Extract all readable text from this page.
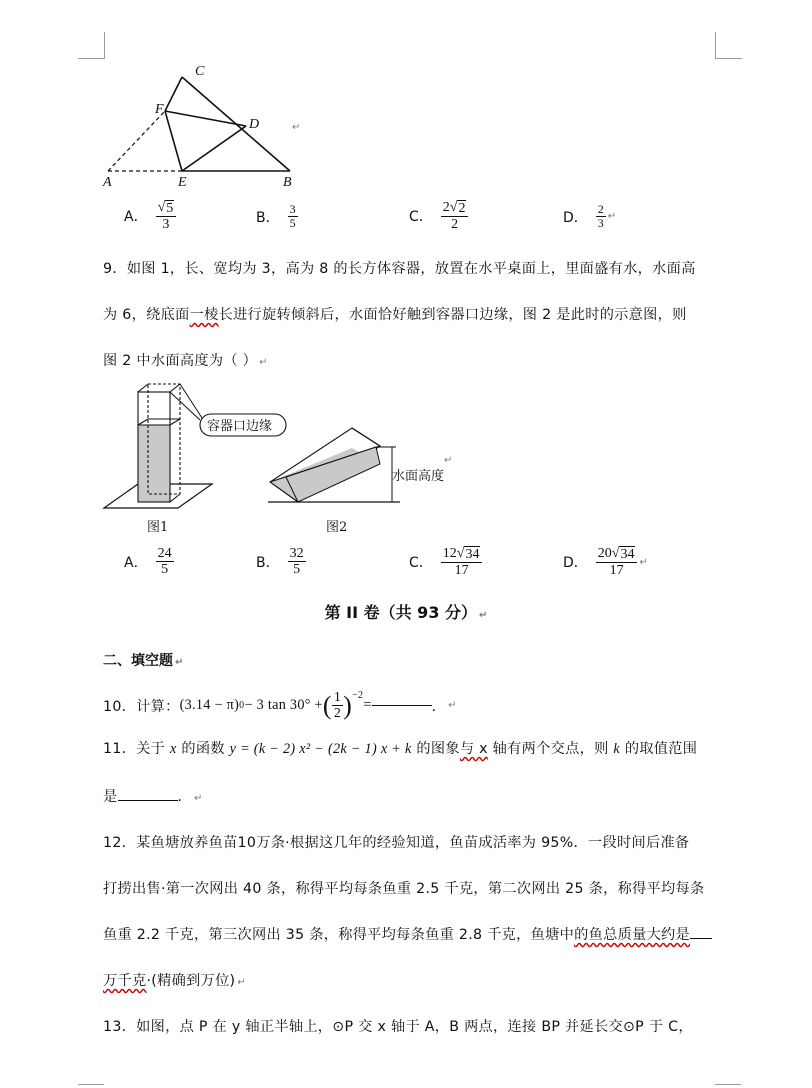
C
F
D
A	E	B
↵
A． $\frac{√ 5}{3}$	B． $\frac{3}{5}$	C． $\frac{2√ 2}{2}$	D． $\frac{2}{3}$ ↵
9．如图 1，长、宽均为 3，高为 8 的长方体容器，放置在水平桌面上，里面盛有水，水面高
为 6，绕底面一棱长进行旋转倾斜后，水面恰好触到容器口边缘，图 2 是此时的示意图，则
图 2 中水面高度为（ ） ↵
容器口边缘
水面高度
↵
图1	图2
A． $\frac{24}{5}$	B． $\frac{32}{5}$	C． $\frac{12√ 34}{17}$	D． $\frac{20√ 34}{17}$ ↵
第 II 卷（共 93 分） ↵
二、填空题 ↵
10．计算： (3.14 − π) 0 − 3 tan 30° + ( $\frac{1}{2} )^{-2}$
=	． ↵
11．关于 x 的函数 y = (k − 2) x² − (2k − 1) x + k 的图象与 x 轴有两个交点，则 k 的取值范围
是	． ↵
12．某鱼塘放养鱼苗10万条·根据这几年的经验知道，鱼苗成活率为 95%．一段时间后准备
打捞出售·第一次网出 40 条，称得平均每条鱼重 2.5 千克，第二次网出 25 条，称得平均每条
鱼重 2.2 千克，第三次网出 35 条，称得平均每条鱼重 2.8 千克，鱼塘中的鱼总质量大约是
万千克·(精确到万位) ↵
13．如图，点 P 在 y 轴正半轴上，⊙P 交 x 轴于 A，B 两点，连接 BP 并延长交⊙P 于 C，
